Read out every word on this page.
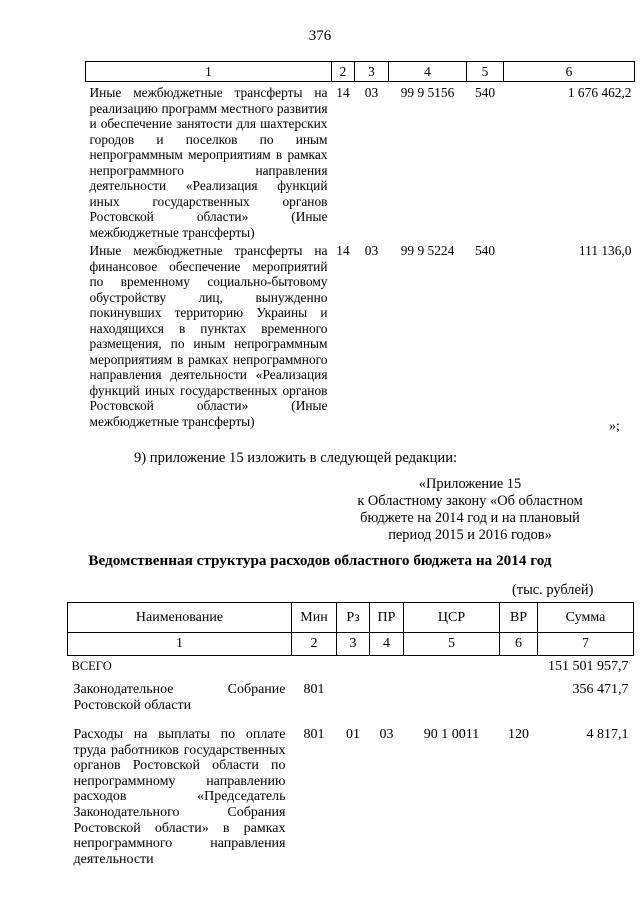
376
1	2	3	4	5	6
Иные межбюджетные трансферты на реализацию программ местного развития и обеспечение занятости для шахтерских городов и поселков по иным непрограммным мероприятиям в рамках непрограммного направления деятельности «Реализация функций иных государственных органов Ростовской области» (Иные межбюджетные трансферты)	14	03	99 9 5156	540	1 676 462,2
Иные межбюджетные трансферты на финансовое обеспечение мероприятий по временному социально-бытовому обустройству лиц, вынужденно покинувших территорию Украины и находящихся в пунктах временного размещения, по иным непрограммным мероприятиям в рамках непрограммного направления деятельности «Реализация функций иных государственных органов Ростовской области» (Иные межбюджетные трансферты)	14	03	99 9 5224	540	111 136,0
»;
9) приложение 15 изложить в следующей редакции:
«Приложение 15
к Областному закону «Об областном
бюджете на 2014 год и на плановый
период 2015 и 2016 годов»
Ведомственная структура расходов областного бюджета на 2014 год
(тыс. рублей)
Наименование	Мин	Рз	ПР	ЦСР	ВР	Сумма
1	2	3	4	5	6	7
ВСЕГО						151 501 957,7
Законодательное Собрание Ростовской области	801					356 471,7
Расходы на выплаты по оплате труда работников государственных органов Ростовской области по непрограммному направлению расходов «Председатель Законодательного Собрания Ростовской области» в рамках непрограммного направления деятельности	801	01	03	90 1 0011	120	4 817,1
